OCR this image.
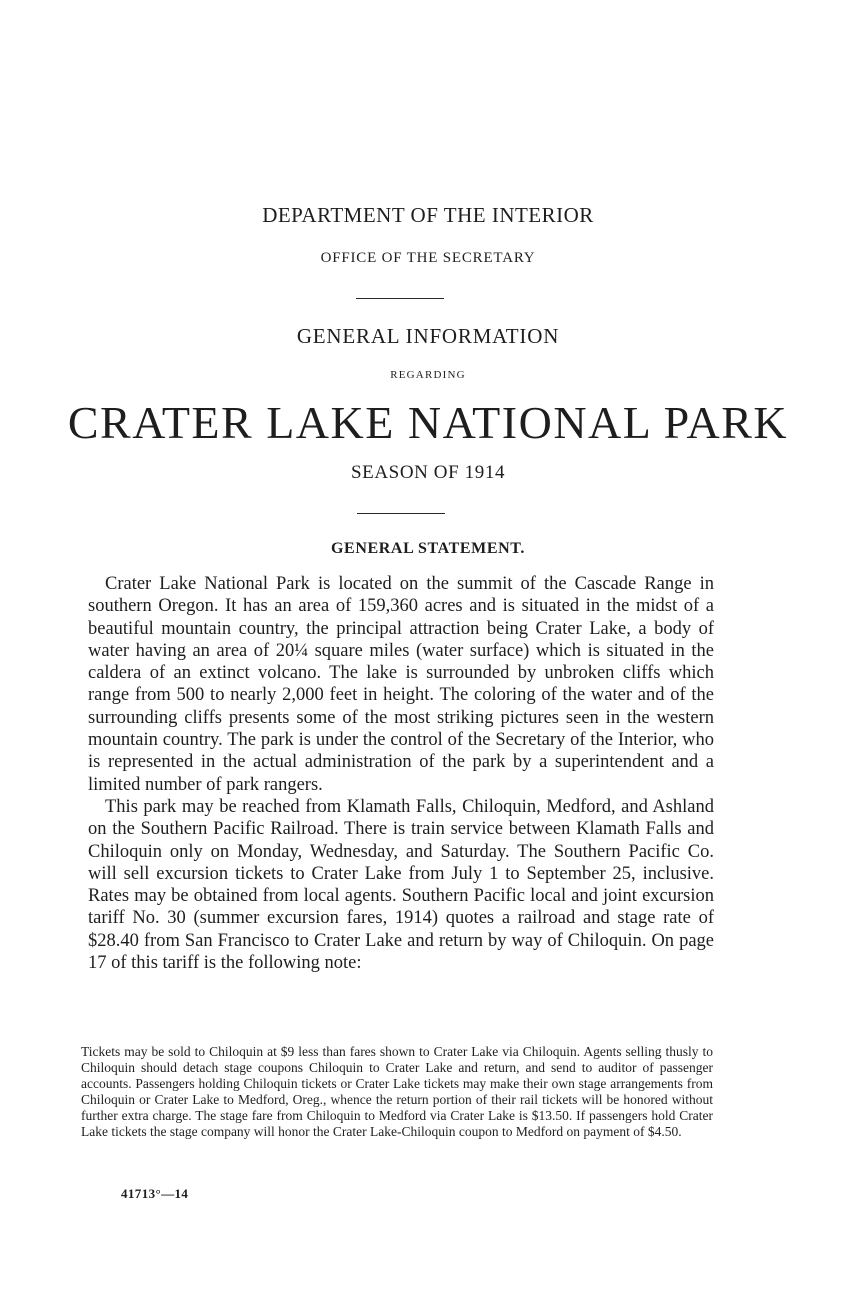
DEPARTMENT OF THE INTERIOR
OFFICE OF THE SECRETARY
GENERAL INFORMATION
REGARDING
CRATER LAKE NATIONAL PARK
SEASON OF 1914
GENERAL STATEMENT.

Crater Lake National Park is located on the summit of the Cascade Range in southern Oregon. It has an area of 159,360 acres and is situated in the midst of a beautiful mountain country, the principal attraction being Crater Lake, a body of water having an area of 20¼ square miles (water surface) which is situated in the caldera of an extinct volcano. The lake is surrounded by unbroken cliffs which range from 500 to nearly 2,000 feet in height. The coloring of the water and of the surrounding cliffs presents some of the most striking pictures seen in the western mountain country. The park is under the control of the Secretary of the Interior, who is represented in the actual administration of the park by a superintendent and a limited number of park rangers.

This park may be reached from Klamath Falls, Chiloquin, Medford, and Ashland on the Southern Pacific Railroad. There is train service between Klamath Falls and Chiloquin only on Monday, Wednesday, and Saturday. The Southern Pacific Co. will sell excursion tickets to Crater Lake from July 1 to September 25, inclusive. Rates may be obtained from local agents. Southern Pacific local and joint excursion tariff No. 30 (summer excursion fares, 1914) quotes a railroad and stage rate of $28.40 from San Francisco to Crater Lake and return by way of Chiloquin. On page 17 of this tariff is the following note:

Tickets may be sold to Chiloquin at $9 less than fares shown to Crater Lake via Chiloquin. Agents selling thusly to Chiloquin should detach stage coupons Chiloquin to Crater Lake and return, and send to auditor of passenger accounts. Passengers holding Chiloquin tickets or Crater Lake tickets may make their own stage arrangements from Chiloquin or Crater Lake to Medford, Oreg., whence the return portion of their rail tickets will be honored without further extra charge. The stage fare from Chiloquin to Medford via Crater Lake is $13.50. If passengers hold Crater Lake tickets the stage company will honor the Crater Lake-Chiloquin coupon to Medford on payment of $4.50.

41713°—14
